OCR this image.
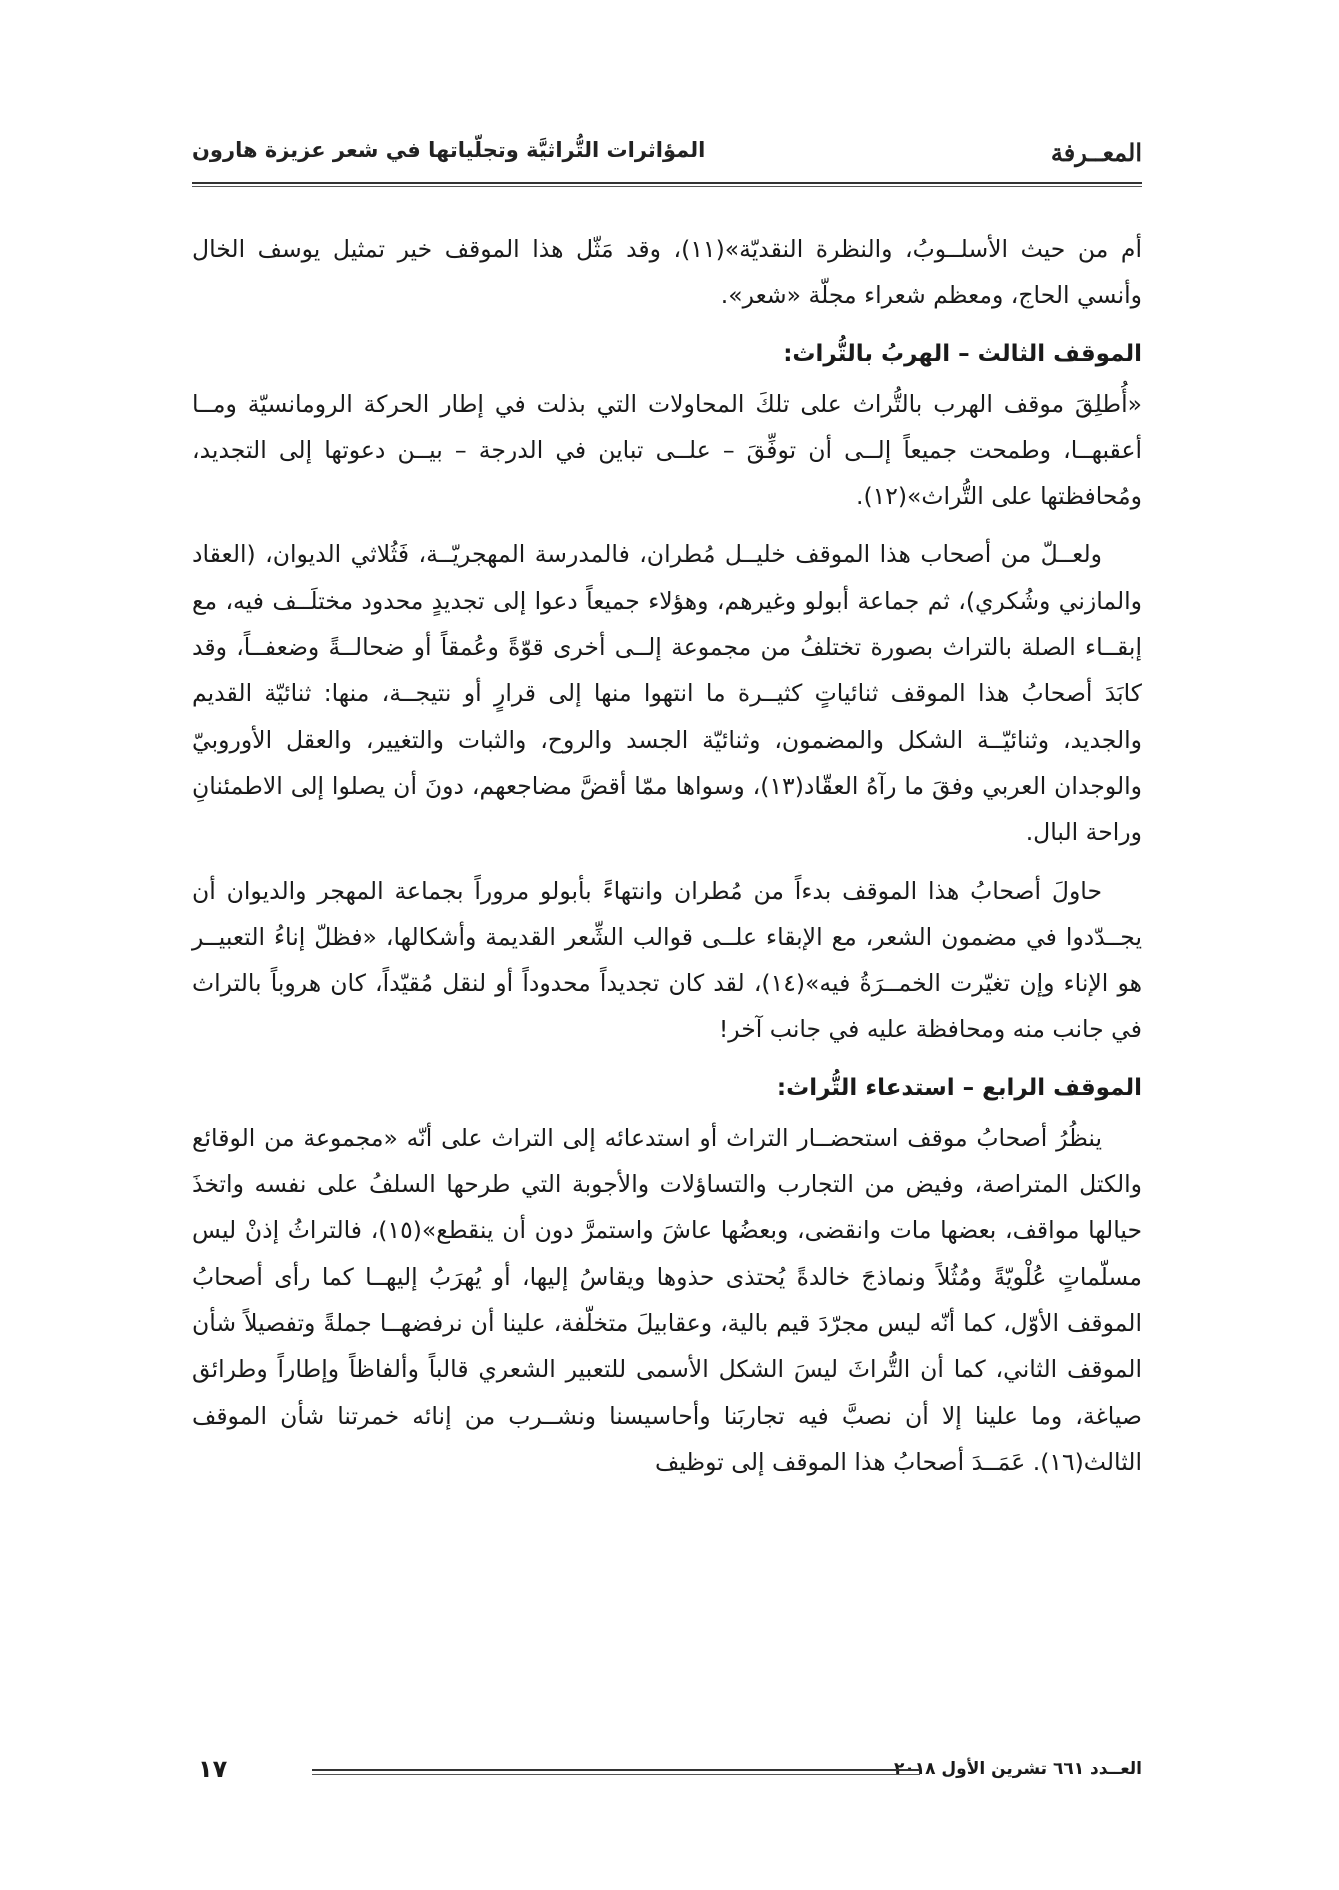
المعــرفة
المؤاثرات التُّراثيَّة وتجلّياتها في شعر عزيزة هارون

أم من حيث الأسلــوبُ، والنظرة النقديّة»(١١)، وقد مَثّل هذا الموقف خير تمثيل يوسف الخال وأنسي الحاج، ومعظم شعراء مجلّة «شعر».

الموقف الثالث – الهربُ بالتُّراث:

«أُطلِقَ موقف الهرب بالتُّراث على تلكَ المحاولات التي بذلت في إطار الحركة الرومانسيّة ومــا أعقبهــا، وطمحت جميعاً إلــى أن توفِّقَ – علــى تباين في الدرجة – بيــن دعوتها إلى التجديد، ومُحافظتها على التُّراث»(١٢).

ولعــلّ من أصحاب هذا الموقف خليــل مُطران، فالمدرسة المهجريّــة، فَثُلاثي الديوان، (العقاد والمازني وشُكري)، ثم جماعة أبولو وغيرهم، وهؤلاء جميعاً دعوا إلى تجديدٍ محدود مختلَــف فيه، مع إبقــاء الصلة بالتراث بصورة تختلفُ من مجموعة إلــى أخرى قوّةً وعُمقاً أو ضحالــةً وضعفــاً، وقد كابَدَ أصحابُ هذا الموقف ثنائياتٍ كثيــرة ما انتهوا منها إلى قرارٍ أو نتيجــة، منها: ثنائيّة القديم والجديد، وثنائيّــة الشكل والمضمون، وثنائيّة الجسد والروح، والثبات والتغيير، والعقل الأوروبيّ والوجدان العربي وفقَ ما رآهُ العقّاد(١٣)، وسواها ممّا أقضَّ مضاجعهم، دونَ أن يصلوا إلى الاطمئنانِ وراحة البال.

حاولَ أصحابُ هذا الموقف بدءاً من مُطران وانتهاءً بأبولو مروراً بجماعة المهجر والديوان أن يجــدّدوا في مضمون الشعر، مع الإبقاء علــى قوالب الشِّعر القديمة وأشكالها، «فظلّ إناءُ التعبيــر هو الإناء وإن تغيّرت الخمــرَةُ فيه»(١٤)، لقد كان تجديداً محدوداً أو لنقل مُقيّداً، كان هروباً بالتراث في جانب منه ومحافظة عليه في جانب آخر!

الموقف الرابع – استدعاء التُّراث:

ينظُرُ أصحابُ موقف استحضــار التراث أو استدعائه إلى التراث على أنّه «مجموعة من الوقائع والكتل المتراصة، وفيض من التجارب والتساؤلات والأجوبة التي طرحها السلفُ على نفسه واتخذَ حيالها مواقف، بعضها مات وانقضى، وبعضُها عاشَ واستمرَّ دون أن ينقطع»(١٥)، فالتراثُ إذنْ ليس مسلّماتٍ عُلْويّةً ومُثُلاً ونماذجَ خالدةً يُحتذى حذوها ويقاسُ إليها، أو يُهرَبُ إليهــا كما رأى أصحابُ الموقف الأوّل، كما أنّه ليس مجرّدَ قيم بالية، وعقابيلَ متخلّفة، علينا أن نرفضهــا جملةً وتفصيلاً شأن الموقف الثاني، كما أن التُّراثَ ليسَ الشكل الأسمى للتعبير الشعري قالباً وألفاظاً وإطاراً وطرائق صياغة، وما علينا إلا أن نصبَّ فيه تجاربَنا وأحاسيسنا ونشــرب من إنائه خمرتنا شأن الموقف الثالث(١٦). عَمَــدَ أصحابُ هذا الموقف إلى توظيف

العــدد ٦٦١ تشرين الأول ٢٠١٨
١٧
